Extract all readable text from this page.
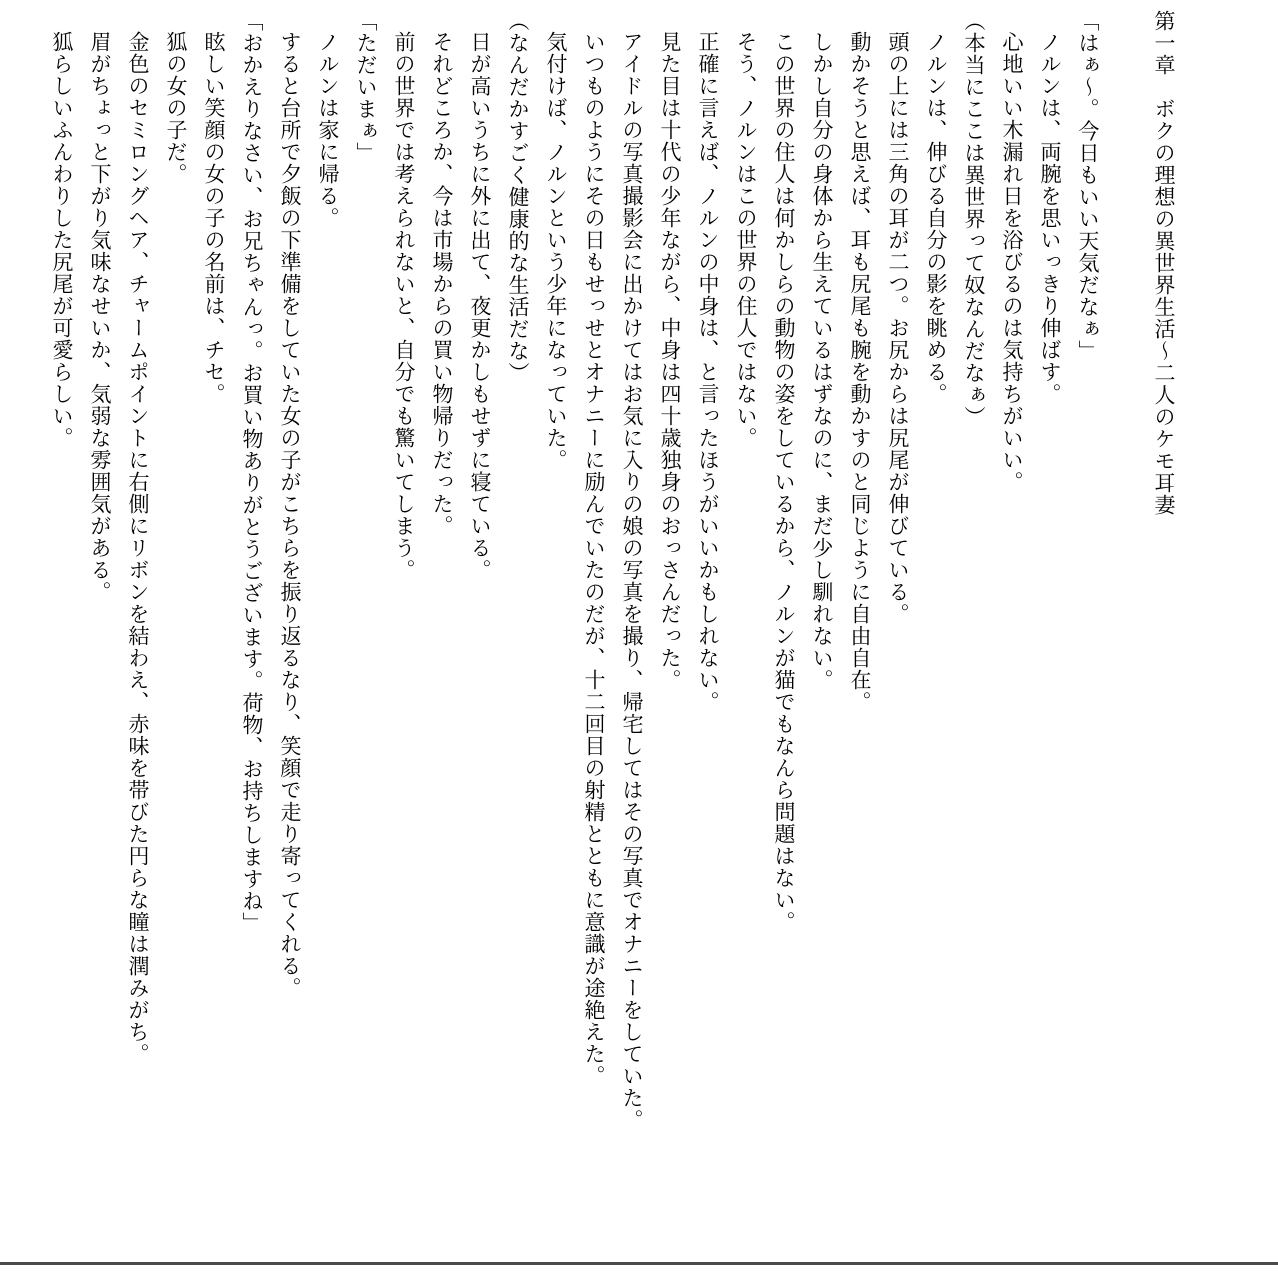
第一章　ボクの理想の異世界生活～二人のケモ耳妻

「はぁ～。今日もいい天気だなぁ」

ノルンは、両腕を思いっきり伸ばす。

心地いい木漏れ日を浴びるのは気持ちがいい。

（本当にここは異世界って奴なんだなぁ）

ノルンは、伸びる自分の影を眺める。

頭の上には三角の耳が二つ。お尻からは尻尾が伸びている。

動かそうと思えば、耳も尻尾も腕を動かすのと同じように自由自在。

しかし自分の身体から生えているはずなのに、まだ少し馴れない。

この世界の住人は何かしらの動物の姿をしているから、ノルンが猫でもなんら問題はない。

そう、ノルンはこの世界の住人ではない。

正確に言えば、ノルンの中身は、と言ったほうがいいかもしれない。

見た目は十代の少年ながら、中身は四十歳独身のおっさんだった。

アイドルの写真撮影会に出かけてはお気に入りの娘の写真を撮り、帰宅してはその写真でオナニーをしていた。

いつものようにその日もせっせとオナニーに励んでいたのだが、十二回目の射精とともに意識が途絶えた。

気付けば、ノルンという少年になっていた。

（なんだかすごく健康的な生活だな）

日が高いうちに外に出て、夜更かしもせずに寝ている。

それどころか、今は市場からの買い物帰りだった。

前の世界では考えられないと、自分でも驚いてしまう。

「ただいまぁ」

ノルンは家に帰る。

すると台所で夕飯の下準備をしていた女の子がこちらを振り返るなり、笑顔で走り寄ってくれる。

「おかえりなさい、お兄ちゃんっ。お買い物ありがとうございます。荷物、お持ちしますね」

眩しい笑顔の女の子の名前は、チセ。

狐の女の子だ。

金色のセミロングヘア、チャームポイントに右側にリボンを結わえ、赤味を帯びた円らな瞳は潤みがち。

眉がちょっと下がり気味なせいか、気弱な雰囲気がある。

狐らしいふんわりした尻尾が可愛らしい。
